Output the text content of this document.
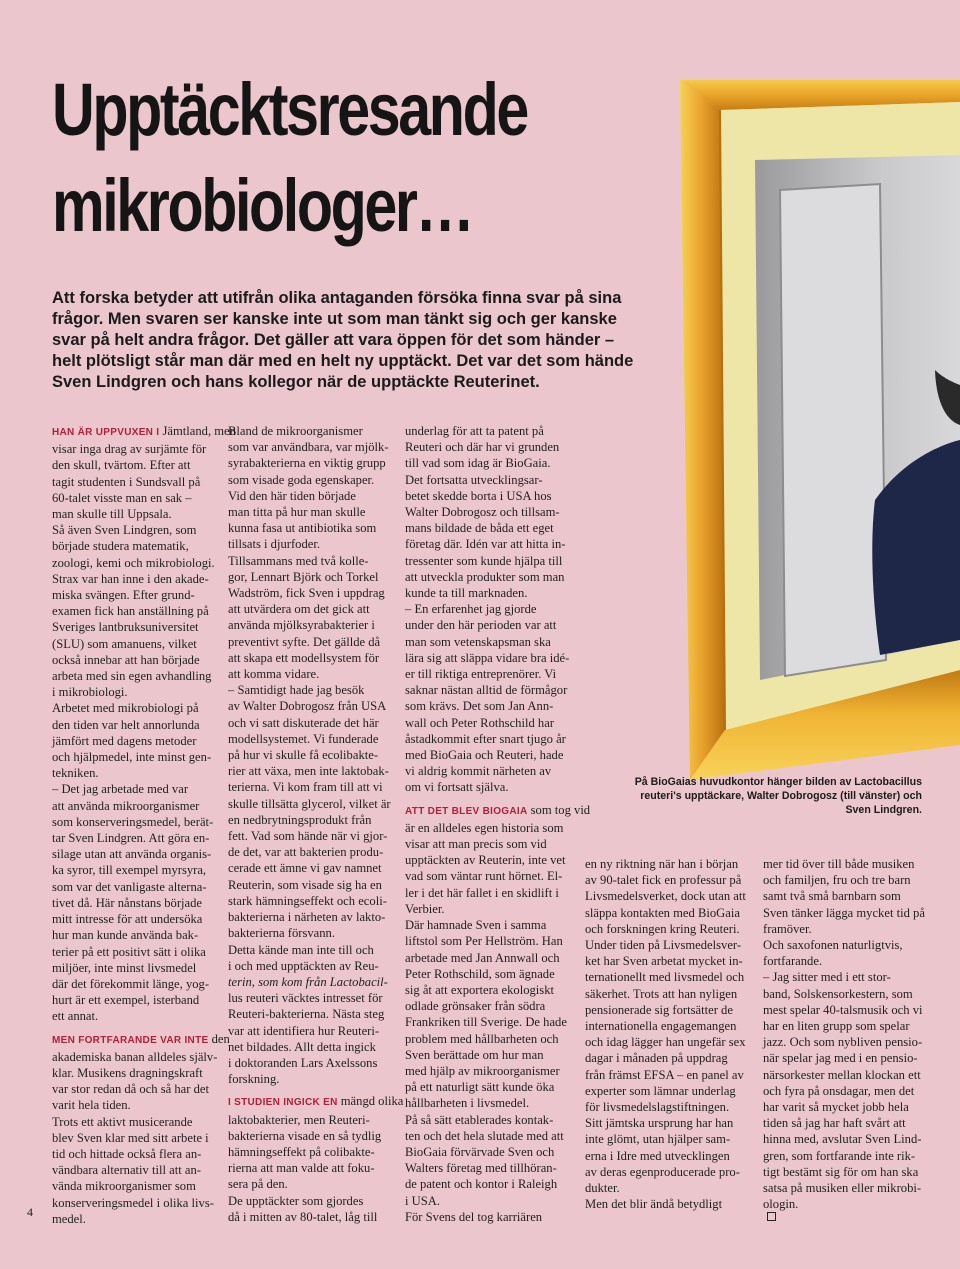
Upptäcktsresande
mikrobiologer…
Att forska betyder att utifrån olika antaganden försöka finna svar på sina
frågor. Men svaren ser kanske inte ut som man tänkt sig och ger kanske
svar på helt andra frågor. Det gäller att vara öppen för det som händer –
helt plötsligt står man där med en helt ny upptäckt. Det var det som hände
Sven Lindgren och hans kollegor när de upptäckte Reuterinet.
HAN ÄR UPPVUXEN I Jämtland, men
visar inga drag av surjämte för
den skull, tvärtom. Efter att
tagit studenten i Sundsvall på
60-talet visste man en sak –
man skulle till Uppsala.
Så även Sven Lindgren, som
började studera matematik,
zoologi, kemi och mikrobiologi.
Strax var han inne i den akade-
miska svängen. Efter grund-
examen fick han anställning på
Sveriges lantbruksuniversitet
(SLU) som amanuens, vilket
också innebar att han började
arbeta med sin egen avhandling
i mikrobiologi.
Arbetet med mikrobiologi på
den tiden var helt annorlunda
jämfört med dagens metoder
och hjälpmedel, inte minst gen-
tekniken.
– Det jag arbetade med var
att använda mikroorganismer
som konserveringsmedel, berät-
tar Sven Lindgren. Att göra en-
silage utan att använda organis-
ka syror, till exempel myrsyra,
som var det vanligaste alterna-
tivet då. Här nånstans började
mitt intresse för att undersöka
hur man kunde använda bak-
terier på ett positivt sätt i olika
miljöer, inte minst livsmedel
där det förekommit länge, yog-
hurt är ett exempel, isterband
ett annat.
MEN FORTFARANDE VAR INTE den
akademiska banan alldeles själv-
klar. Musikens dragningskraft
var stor redan då och så har det
varit hela tiden.
Trots ett aktivt musicerande
blev Sven klar med sitt arbete i
tid och hittade också flera an-
vändbara alternativ till att an-
vända mikroorganismer som
konserveringsmedel i olika livs-
medel.
Bland de mikroorganismer
som var användbara, var mjölk-
syrabakterierna en viktig grupp
som visade goda egenskaper.
Vid den här tiden började
man titta på hur man skulle
kunna fasa ut antibiotika som
tillsats i djurfoder.
Tillsammans med två kolle-
gor, Lennart Björk och Torkel
Wadström, fick Sven i uppdrag
att utvärdera om det gick att
använda mjölksyrabakterier i
preventivt syfte. Det gällde då
att skapa ett modellsystem för
att komma vidare.
– Samtidigt hade jag besök
av Walter Dobrogosz från USA
och vi satt diskuterade det här
modellsystemet. Vi funderade
på hur vi skulle få ecolibakte-
rier att växa, men inte laktobak-
terierna. Vi kom fram till att vi
skulle tillsätta glycerol, vilket är
en nedbrytningsprodukt från
fett. Vad som hände när vi gjor-
de det, var att bakterien produ-
cerade ett ämne vi gav namnet
Reuterin, som visade sig ha en
stark hämningseffekt och ecoli-
bakterierna i närheten av lakto-
bakterierna försvann.
Detta kände man inte till och
i och med upptäckten av Reu-
terin, som kom från Lactobacil-
lus reuteri väcktes intresset för
Reuteri-bakterierna. Nästa steg
var att identifiera hur Reuteri-
net bildades. Allt detta ingick
i doktoranden Lars Axelssons
forskning.
I STUDIEN INGICK EN mängd olika
laktobakterier, men Reuteri-
bakterierna visade en så tydlig
hämningseffekt på colibakte-
rierna att man valde att foku-
sera på den.
De upptäckter som gjordes
då i mitten av 80-talet, låg till
underlag för att ta patent på
Reuteri och där har vi grunden
till vad som idag är BioGaia.
Det fortsatta utvecklingsar-
betet skedde borta i USA hos
Walter Dobrogosz och tillsam-
mans bildade de båda ett eget
företag där. Idén var att hitta in-
tressenter som kunde hjälpa till
att utveckla produkter som man
kunde ta till marknaden.
– En erfarenhet jag gjorde
under den här perioden var att
man som vetenskapsman ska
lära sig att släppa vidare bra idé-
er till riktiga entreprenörer. Vi
saknar nästan alltid de förmågor
som krävs. Det som Jan Ann-
wall och Peter Rothschild har
åstadkommit efter snart tjugo år
med BioGaia och Reuteri, hade
vi aldrig kommit närheten av
om vi fortsatt själva.
ATT DET BLEV BIOGAIA som tog vid
är en alldeles egen historia som
visar att man precis som vid
upptäckten av Reuterin, inte vet
vad som väntar runt hörnet. El-
ler i det här fallet i en skidlift i
Verbier.
Där hamnade Sven i samma
liftstol som Per Hellström. Han
arbetade med Jan Annwall och
Peter Rothschild, som ägnade
sig åt att exportera ekologiskt
odlade grönsaker från södra
Frankriken till Sverige. De hade
problem med hållbarheten och
Sven berättade om hur man
med hjälp av mikroorganismer
på ett naturligt sätt kunde öka
hållbarheten i livsmedel.
På så sätt etablerades kontak-
ten och det hela slutade med att
BioGaia förvärvade Sven och
Walters företag med tillhöran-
de patent och kontor i Raleigh
i USA.
För Svens del tog karriären
en ny riktning när han i början
av 90-talet fick en professur på
Livsmedelsverket, dock utan att
släppa kontakten med BioGaia
och forskningen kring Reuteri.
Under tiden på Livsmedelsver-
ket har Sven arbetat mycket in-
ternationellt med livsmedel och
säkerhet. Trots att han nyligen
pensionerade sig fortsätter de
internationella engagemangen
och idag lägger han ungefär sex
dagar i månaden på uppdrag
från främst EFSA – en panel av
experter som lämnar underlag
för livsmedelslagstiftningen.
Sitt jämtska ursprung har han
inte glömt, utan hjälper sam-
erna i Idre med utvecklingen
av deras egenproducerade pro-
dukter.
Men det blir ändå betydligt
mer tid över till både musiken
och familjen, fru och tre barn
samt två små barnbarn som
Sven tänker lägga mycket tid på
framöver.
Och saxofonen naturligtvis,
fortfarande.
– Jag sitter med i ett stor-
band, Solskensorkestern, som
mest spelar 40-talsmusik och vi
har en liten grupp som spelar
jazz. Och som nybliven pensio-
när spelar jag med i en pensio-
närsorkester mellan klockan ett
och fyra på onsdagar, men det
har varit så mycket jobb hela
tiden så jag har haft svårt att
hinna med, avslutar Sven Lind-
gren, som fortfarande inte rik-
tigt bestämt sig för om han ska
satsa på musiken eller mikrobi-
ologin.
På BioGaias huvudkontor hänger bilden av Lactobacillus
reuteri's upptäckare, Walter Dobrogosz (till vänster) och
Sven Lindgren.
4
